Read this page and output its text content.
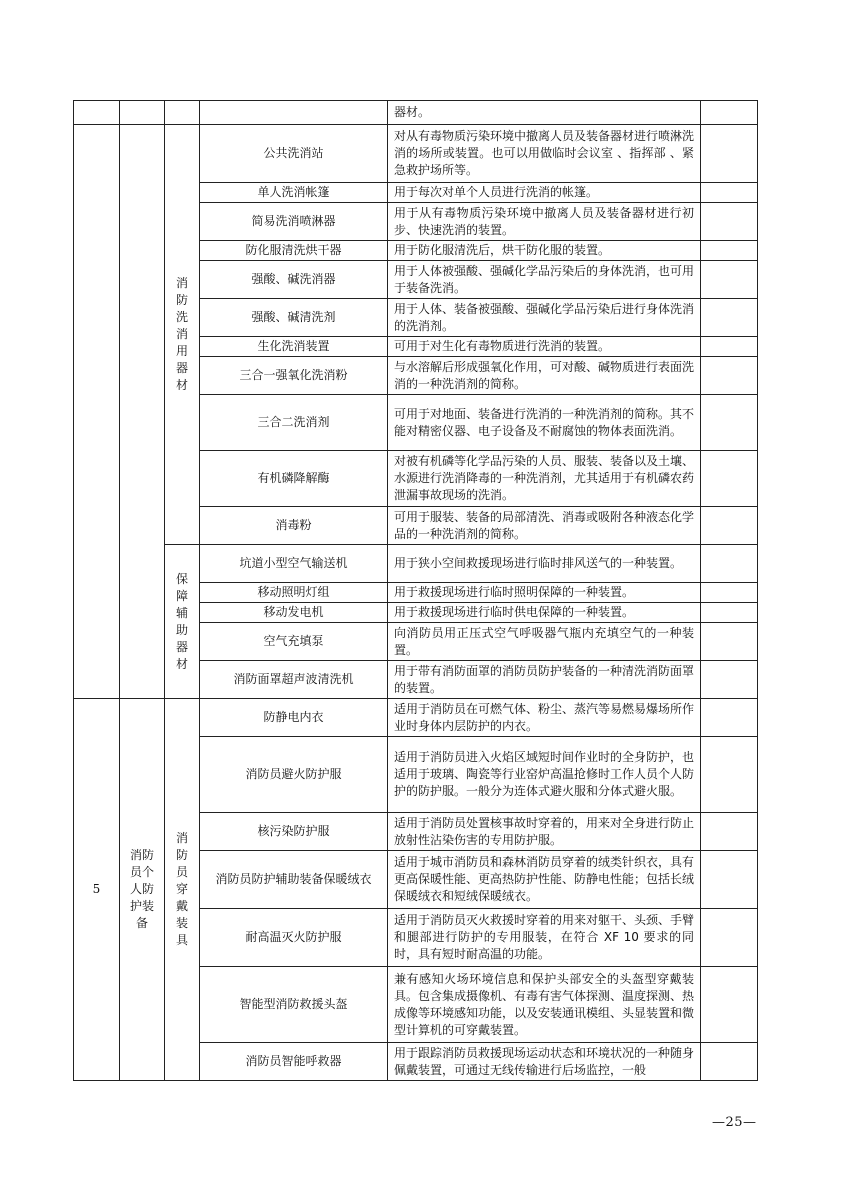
				器材。	
		消防洗消用器材	公共洗消站	对从有毒物质污染环境中撤离人员及装备器材进行喷淋洗消的场所或装置。也可以用做临时会议室 、指挥部 、紧急救护场所等。	
			单人洗消帐篷	用于每次对单个人员进行洗消的帐篷。	
			简易洗消喷淋器	用于从有毒物质污染环境中撤离人员及装备器材进行初步、快速洗消的装置。	
			防化服清洗烘干器	用于防化服清洗后，烘干防化服的装置。	
			强酸、碱洗消器	用于人体被强酸、强碱化学品污染后的身体洗消，也可用于装备洗消。	
			强酸、碱清洗剂	用于人体、装备被强酸、强碱化学品污染后进行身体洗消的洗消剂。	
			生化洗消装置	可用于对生化有毒物质进行洗消的装置。	
			三合一强氧化洗消粉	与水溶解后形成强氧化作用，可对酸、碱物质进行表面洗消的一种洗消剂的简称。	
			三合二洗消剂	可用于对地面、装备进行洗消的一种洗消剂的简称。其不能对精密仪器、电子设备及不耐腐蚀的物体表面洗消。	
			有机磷降解酶	对被有机磷等化学品污染的人员、服装、装备以及土壤、水源进行洗消降毒的一种洗消剂，尤其适用于有机磷农药泄漏事故现场的洗消。	
			消毒粉	可用于服装、装备的局部清洗、消毒或吸附各种液态化学品的一种洗消剂的简称。	
		保障辅助器材	坑道小型空气输送机	用于狭小空间救援现场进行临时排风送气的一种装置。	
			移动照明灯组	用于救援现场进行临时照明保障的一种装置。	
			移动发电机	用于救援现场进行临时供电保障的一种装置。	
			空气充填泵	向消防员用正压式空气呼吸器气瓶内充填空气的一种装置。	
			消防面罩超声波清洗机	用于带有消防面罩的消防员防护装备的一种清洗消防面罩的装置。	
5	消防员个人防护装备	消防员穿戴装具	防静电内衣	适用于消防员在可燃气体、粉尘、蒸汽等易燃易爆场所作业时身体内层防护的内衣。	
			消防员避火防护服	适用于消防员进入火焰区域短时间作业时的全身防护，也适用于玻璃、陶瓷等行业窑炉高温抢修时工作人员个人防护的防护服。一般分为连体式避火服和分体式避火服。	
			核污染防护服	适用于消防员处置核事故时穿着的，用来对全身进行防止放射性沾染伤害的专用防护服。	
			消防员防护辅助装备保暖绒衣	适用于城市消防员和森林消防员穿着的绒类针织衣，具有更高保暖性能、更高热防护性能、防静电性能；包括长绒保暖绒衣和短绒保暖绒衣。	
			耐高温灭火防护服	适用于消防员灭火救援时穿着的用来对躯干、头颈、手臂和腿部进行防护的专用服装，在符合 XF 10 要求的同时，具有短时耐高温的功能。	
			智能型消防救援头盔	兼有感知火场环境信息和保护头部安全的头盔型穿戴装具。包含集成摄像机、有毒有害气体探测、温度探测、热成像等环境感知功能，以及安装通讯模组、头显装置和微型计算机的可穿戴装置。	
			消防员智能呼救器	用于跟踪消防员救援现场运动状态和环境状况的一种随身佩戴装置，可通过无线传输进行后场监控，一般	
—25—
